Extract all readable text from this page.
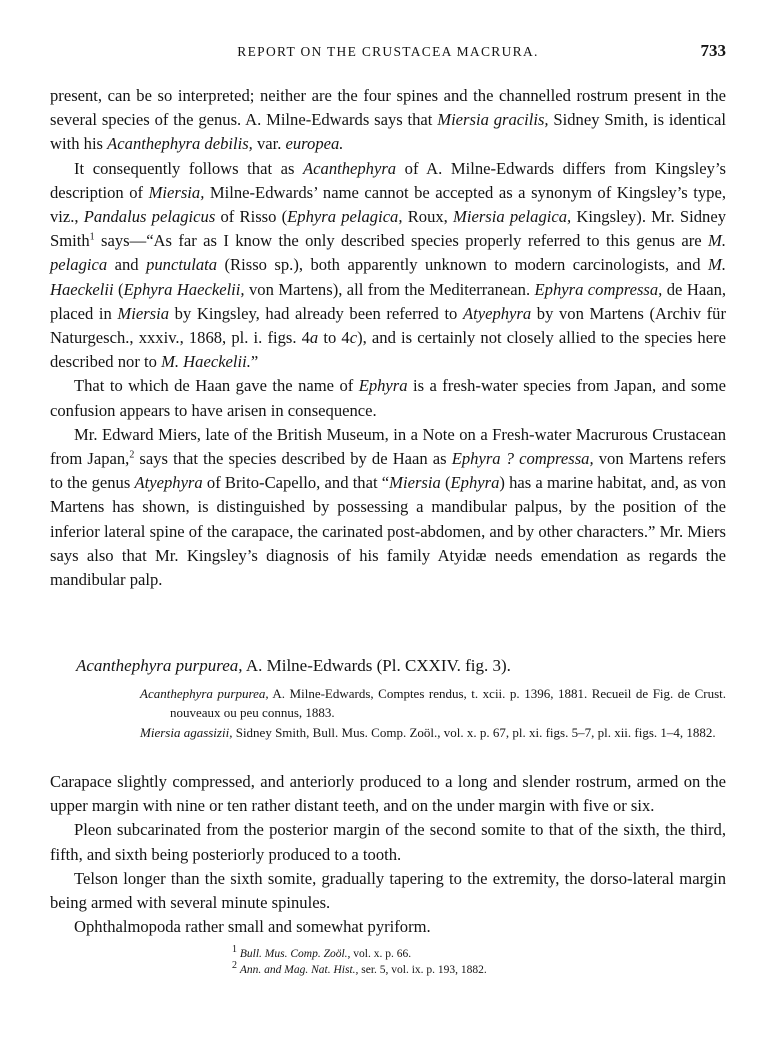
REPORT ON THE CRUSTACEA MACRURA.	733

present, can be so interpreted; neither are the four spines and the channelled rostrum present in the several species of the genus. A. Milne-Edwards says that Miersia gracilis, Sidney Smith, is identical with his Acanthephyra debilis, var. europea.

It consequently follows that as Acanthephyra of A. Milne-Edwards differs from Kingsley’s description of Miersia, Milne-Edwards’ name cannot be accepted as a synonym of Kingsley’s type, viz., Pandalus pelagicus of Risso (Ephyra pelagica, Roux, Miersia pelagica, Kingsley). Mr. Sidney Smith$^1$ says—“As far as I know the only described species properly referred to this genus are M. pelagica and punctulata (Risso sp.), both apparently unknown to modern carcinologists, and M. Haeckelii (Ephyra Haeckelii, von Martens), all from the Mediterranean. Ephyra compressa, de Haan, placed in Miersia by Kingsley, had already been referred to Atyephyra by von Martens (Archiv für Naturgesch., xxxiv., 1868, pl. i. figs. 4a to 4c), and is certainly not closely allied to the species here described nor to M. Haeckelii.”

That to which de Haan gave the name of Ephyra is a fresh-water species from Japan, and some confusion appears to have arisen in consequence.

Mr. Edward Miers, late of the British Museum, in a Note on a Fresh-water Macrurous Crustacean from Japan,$^2$ says that the species described by de Haan as Ephyra ? compressa, von Martens refers to the genus Atyephyra of Brito-Capello, and that “Miersia (Ephyra) has a marine habitat, and, as von Martens has shown, is distinguished by possessing a mandibular palpus, by the position of the inferior lateral spine of the carapace, the carinated post-abdomen, and by other characters.” Mr. Miers says also that Mr. Kingsley’s diagnosis of his family Atyidæ needs emendation as regards the mandibular palp.

Acanthephyra purpurea, A. Milne-Edwards (Pl. CXXIV. fig. 3).

Acanthephyra purpurea, A. Milne-Edwards, Comptes rendus, t. xcii. p. 1396, 1881. Recueil de Fig. de Crust. nouveaux ou peu connus, 1883.

Miersia agassizii, Sidney Smith, Bull. Mus. Comp. Zoöl., vol. x. p. 67, pl. xi. figs. 5–7, pl. xii. figs. 1–4, 1882.

Carapace slightly compressed, and anteriorly produced to a long and slender rostrum, armed on the upper margin with nine or ten rather distant teeth, and on the under margin with five or six.

Pleon subcarinated from the posterior margin of the second somite to that of the sixth, the third, fifth, and sixth being posteriorly produced to a tooth.

Telson longer than the sixth somite, gradually tapering to the extremity, the dorso-lateral margin being armed with several minute spinules.

Ophthalmopoda rather small and somewhat pyriform.

1 Bull. Mus. Comp. Zoöl., vol. x. p. 66.

2 Ann. and Mag. Nat. Hist., ser. 5, vol. ix. p. 193, 1882.
